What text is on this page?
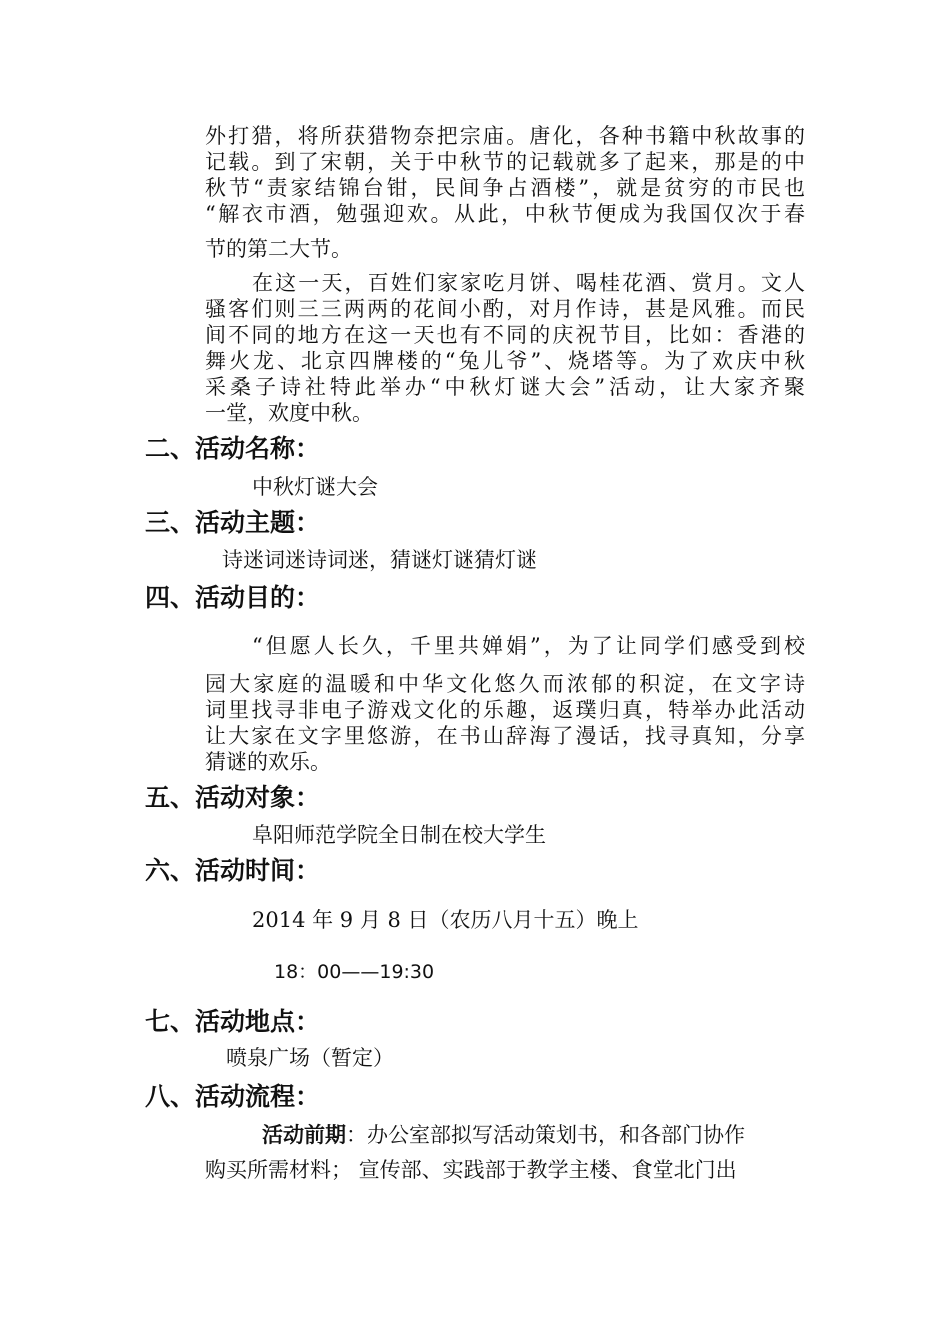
外打猎，将所获猎物奈把宗庙。唐化，各种书籍中秋故事的
记载。到了宋朝，关于中秋节的记载就多了起来，那是的中
秋节“责家结锦台钳，民间争占酒楼”，就是贫穷的市民也
“解衣市酒，勉强迎欢。从此，中秋节便成为我国仅次于春
节的第二大节。
在这一天，百姓们家家吃月饼、喝桂花酒、赏月。文人
骚客们则三三两两的花间小酌，对月作诗，甚是风雅。而民
间不同的地方在这一天也有不同的庆祝节目，比如：香港的
舞火龙、北京四牌楼的“兔儿爷”、烧塔等。为了欢庆中秋
采桑子诗社特此举办“中秋灯谜大会”活动，让大家齐聚
一堂，欢度中秋。
二、活动名称：
中秋灯谜大会
三、活动主题：
诗迷词迷诗词迷，猜谜灯谜猜灯谜
四、活动目的：
“但愿人长久，千里共婵娟”，为了让同学们感受到校
园大家庭的温暖和中华文化悠久而浓郁的积淀，在文字诗
词里找寻非电子游戏文化的乐趣，返璞归真，特举办此活动
让大家在文字里悠游，在书山辞海了漫话，找寻真知，分享
猜谜的欢乐。
五、活动对象：
阜阳师范学院全日制在校大学生
六、活动时间：
2014 年 9 月 8 日（农历八月十五）晚上
18：00——19:30
七、活动地点：
喷泉广场（暂定）
八、活动流程：
活动前期：办公室部拟写活动策划书，和各部门协作
购买所需材料； 宣传部、实践部于教学主楼、食堂北门出
